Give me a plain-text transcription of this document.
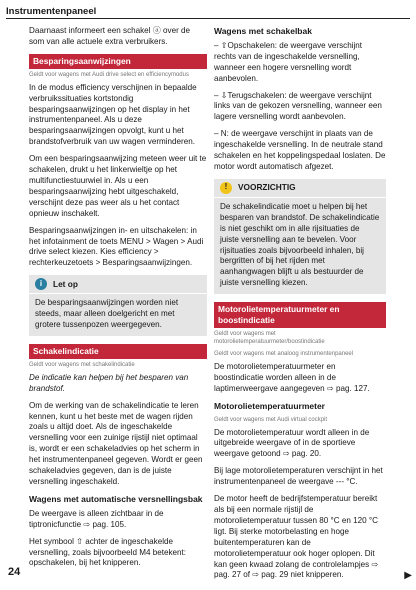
Instrumentenpaneel

Daarnaast informeert een schakel ⓐ over de som van alle actuele extra verbruikers.

Besparingsaanwijzingen
Geldt voor wagens met Audi drive select en efficiencymodus

In de modus efficiency verschijnen in bepaalde verbruikssituaties kortstondig besparingsaanwijzingen op het display in het instrumentenpaneel. Als u deze besparingsaanwijzingen opvolgt, kunt u het brandstofverbruik van uw wagen verminderen.

Om een besparingsaanwijzing meteen weer uit te schakelen, drukt u het linkerwieltje op het multifunctiestuurwiel in. Als u een besparingsaanwijzing hebt uitgeschakeld, verschijnt deze pas weer als u het contact opnieuw inschakelt.

Besparingsaanwijzingen in- en uitschakelen: in het infotainment de toets MENU > Wagen > Audi drive select kiezen. Kies efficiency > rechterkeuzetoets > Besparingsaanwijzingen.

i	Let op
De besparingsaanwijzingen worden niet steeds, maar alleen doelgericht en met grotere tussenpozen weergegeven.
Schakelindicatie
Geldt voor wagens met schakelindicatie

De indicatie kan helpen bij het besparen van brandstof.

Om de werking van de schakelindicatie te leren kennen, kunt u het beste met de wagen rijden zoals u altijd doet. Als de ingeschakelde versnelling voor een zuinige rijstijl niet optimaal is, wordt er een schakeladvies op het scherm in het instrumentenpaneel gegeven. Wordt er geen schakeladvies gegeven, dan is de juiste versnelling ingeschakeld.

Wagens met automatische versnellingsbak

De weergave is alleen zichtbaar in de tiptronicfunctie ⇨ pag. 105.

Het symbool ⇧ achter de ingeschakelde versnelling, zoals bijvoorbeeld M4 betekent: opschakelen, bij het knipperen.

Wagens met schakelbak

– ⇧Opschakelen: de weergave verschijnt rechts van de ingeschakelde versnelling, wanneer een hogere versnelling wordt aanbevolen.

– ⇩Terugschakelen: de weergave verschijnt links van de gekozen versnelling, wanneer een lagere versnelling wordt aanbevolen.

– N: de weergave verschijnt in plaats van de ingeschakelde versnelling. In de neutrale stand schakelen en het koppelingspedaal loslaten. De motor wordt automatisch afgezet.

!	VOORZICHTIG
De schakelindicatie moet u helpen bij het besparen van brandstof. De schakelindicatie is niet geschikt om in alle rijsituaties de juiste versnelling aan te bevelen. Voor rijsituaties zoals bijvoorbeeld inhalen, bij bergritten of bij het rijden met aanhangwagen blijft u als bestuurder de juiste versnelling kiezen.
Motorolietemperatuurmeter en boostindicatie
Geldt voor wagens met motorolietemperatuurmeter/boostindicatie
Geldt voor wagens met analoog instrumentenpaneel

De motorolietemperatuurmeter en boostindicatie worden alleen in de laptimerweergave aangegeven ⇨ pag. 127.

Motorolietemperatuurmeter
Geldt voor wagens met Audi virtual cockpit

De motorolietemperatuur wordt alleen in de uitgebreide weergave of in de sportieve weergave getoond ⇨ pag. 20.

Bij lage motorolietemperaturen verschijnt in het instrumentenpaneel de weergave --- °C.

De motor heeft de bedrijfstemperatuur bereikt als bij een normale rijstijl de motorolietemperatuur tussen 80 °C en 120 °C ligt. Bij sterke motorbelasting en hoge buitentemperaturen kan de motorolietemperatuur ook hoger oplopen. Dit kan geen kwaad zolang de controlelampjes ⇨ pag. 27 of ⇨ pag. 29 niet knipperen.

24	▶
